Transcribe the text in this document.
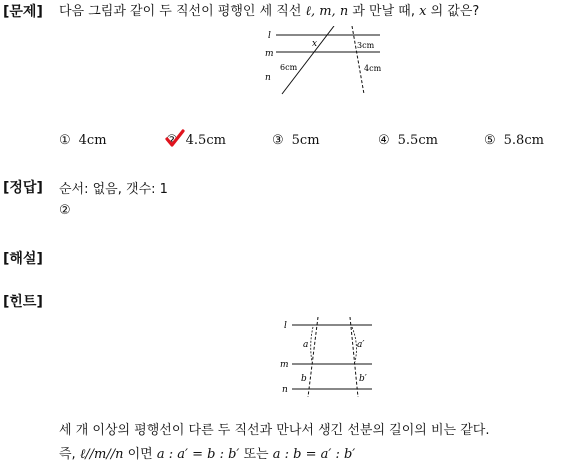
[문제]
[정답]
[해설]
[힌트]
다음 그림과 같이 두 직선이 평행인 세 직선 ℓ, m, n 과 만날 때, x 의 값은?
l
m
n
x	3cm
6cm	4cm
① 4cm	② 4.5cm	③ 5cm	④ 5.5cm	⑤ 5.8cm
순서: 없음, 갯수: 1
②
l
m
n
a	a′
b	b′
세 개 이상의 평행선이 다른 두 직선과 만나서 생긴 선분의 길이의 비는 같다.
즉, ℓ//m//n 이면 a : a′ = b : b′ 또는 a : b = a′ : b′
